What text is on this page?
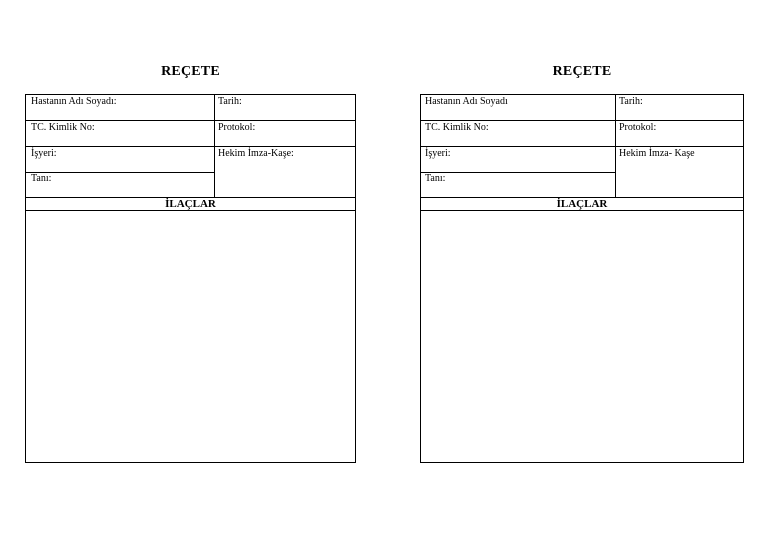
REÇETE
Hastanın Adı Soyadı:	Tarih:
TC. Kimlik No:	Protokol:
İşyeri:	Hekim İmza-Kaşe:
Tanı:
İLAÇLAR
REÇETE
Hastanın Adı Soyadı	Tarih:
TC. Kimlik No:	Protokol:
İşyeri:	Hekim İmza- Kaşe
Tanı:
İLAÇLAR
